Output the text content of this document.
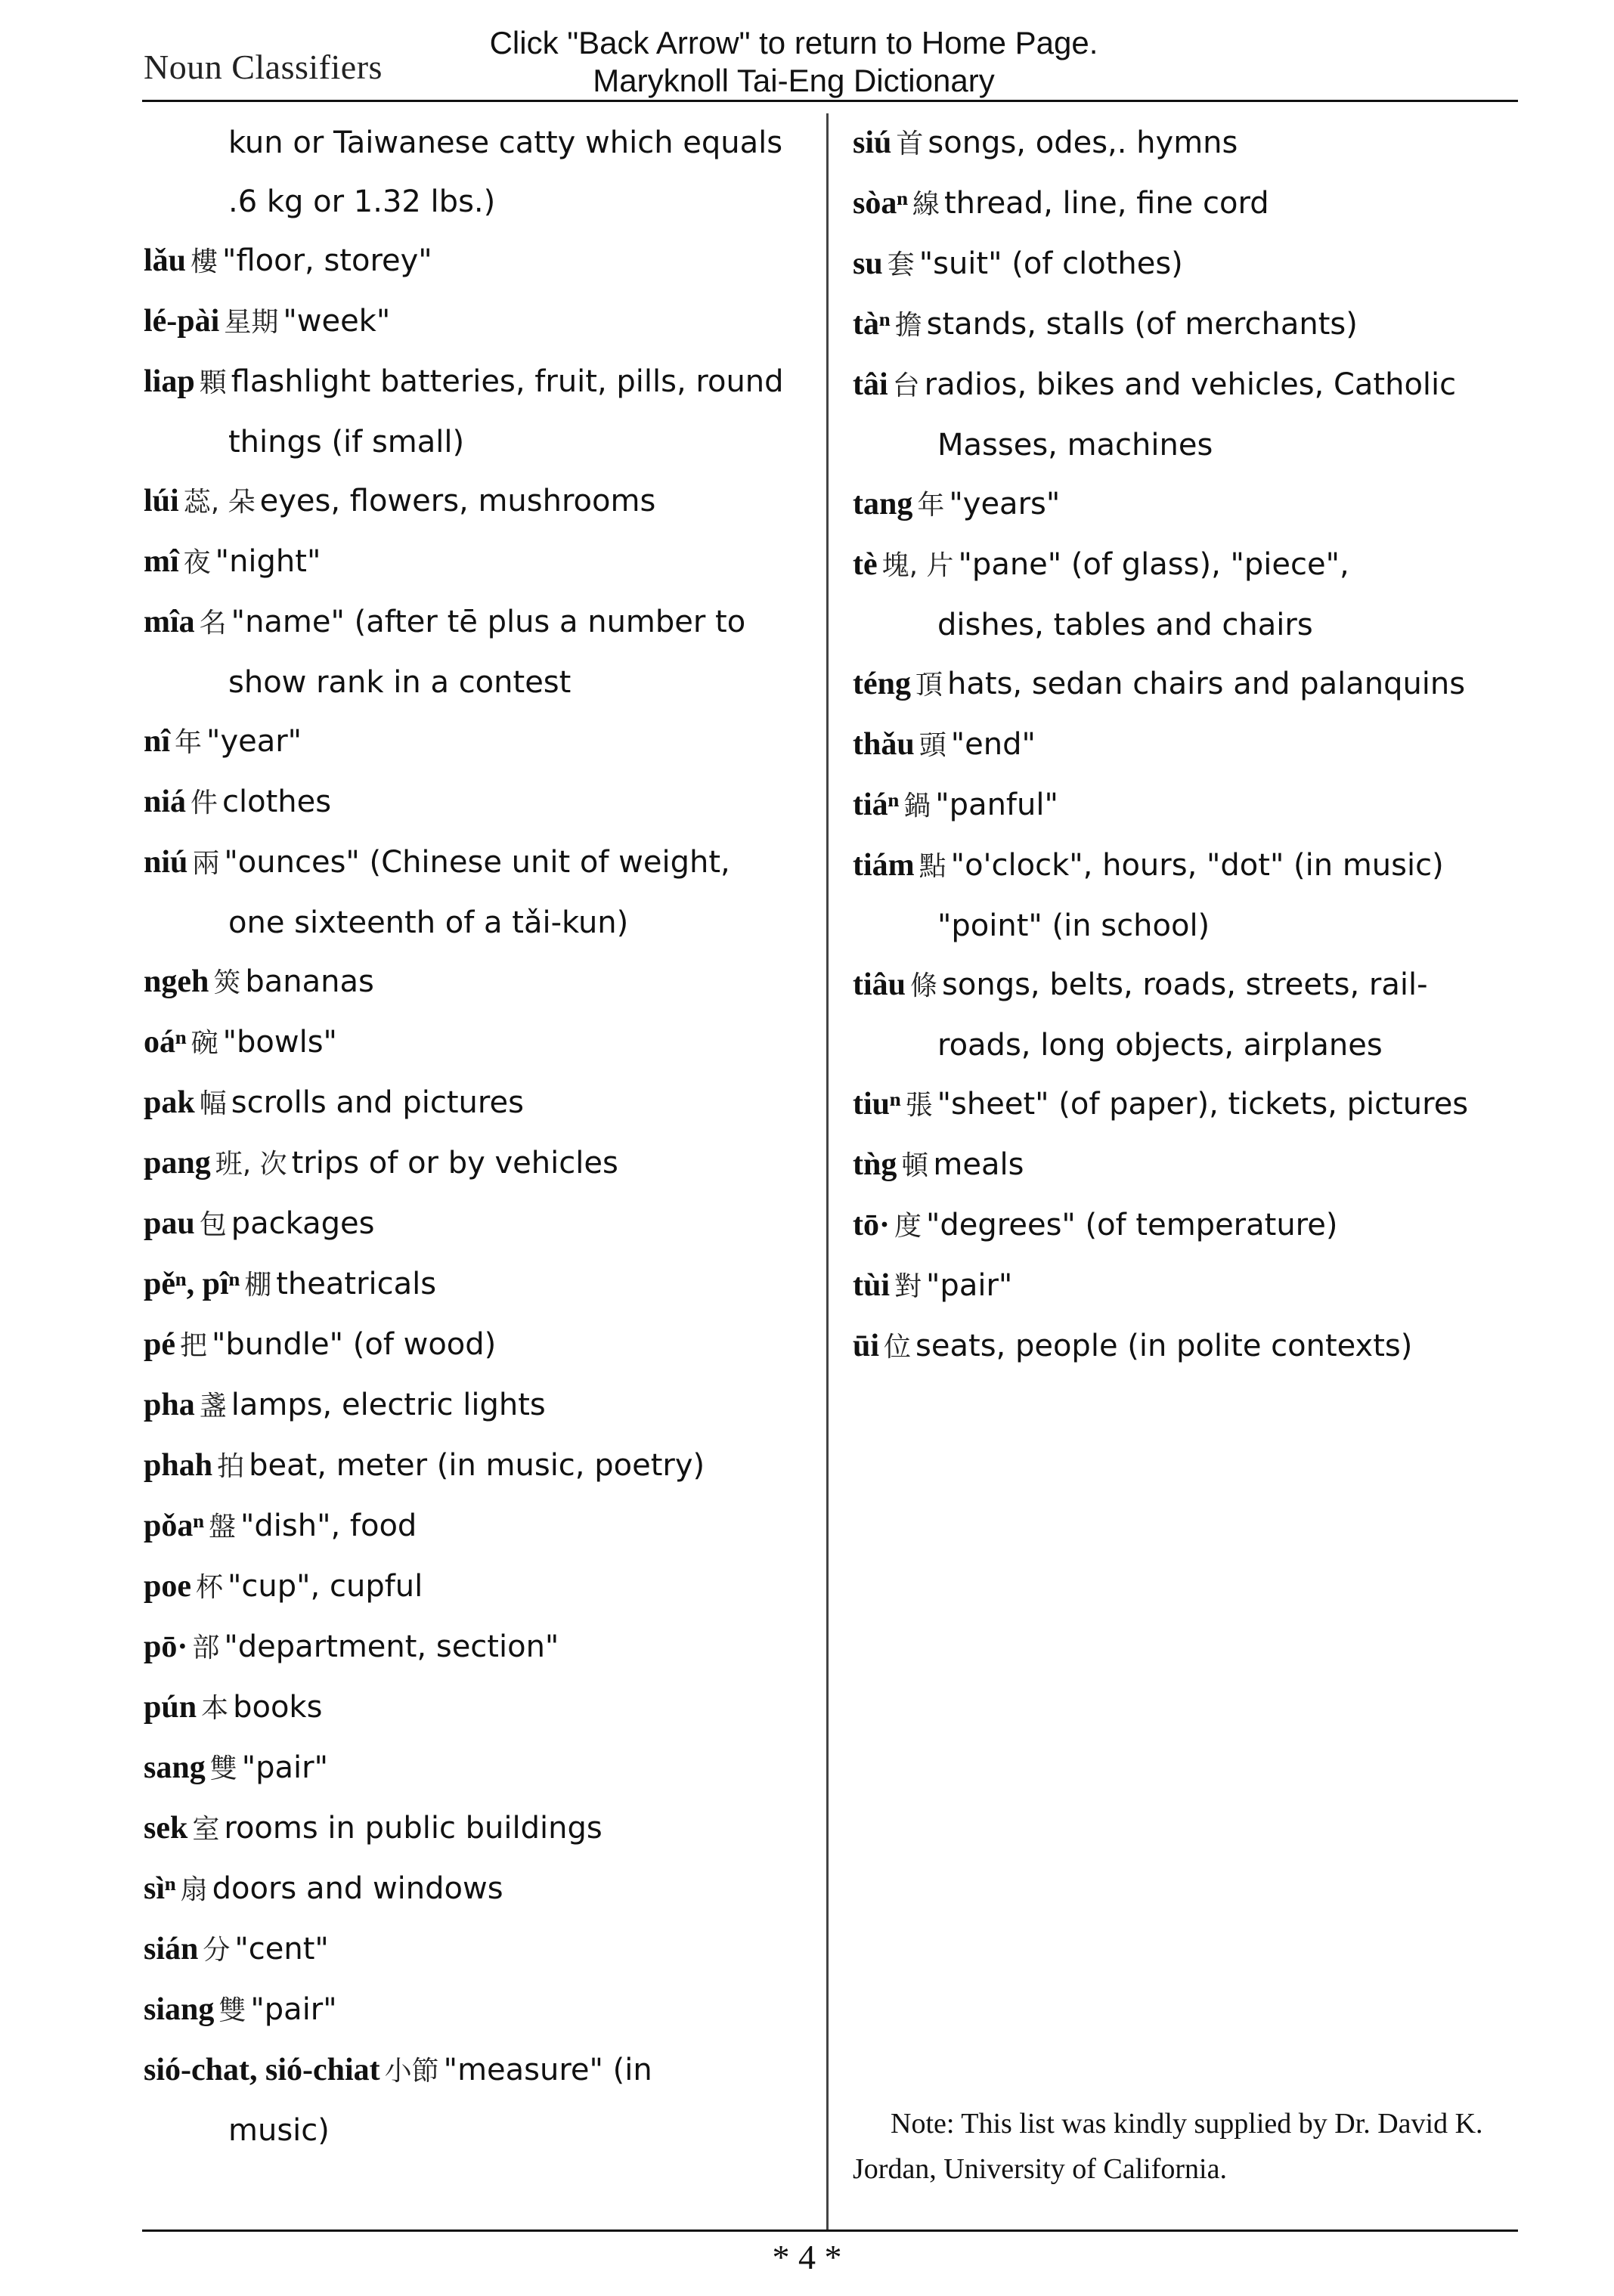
Noun Classifiers
Click "Back Arrow" to return to Home Page.
Maryknoll Tai-Eng Dictionary

kun or Taiwanese catty which equals

.6 kg or 1.32 lbs.)

lǎu 樓 "floor, storey"

lé-pài 星期 "week"

liap 顆 flashlight batteries, fruit, pills, round

things (if small)

lúi 蕊, 朵 eyes, flowers, mushrooms

mî 夜 "night"

mîa 名 "name" (after tē plus a number to

show rank in a contest

nî 年 "year"

niá 件 clothes

niú 兩 "ounces" (Chinese unit of weight,

one sixteenth of a tǎi-kun)

ngeh 筴 bananas

oáⁿ 碗 "bowls"

pak 幅 scrolls and pictures

pang 班, 次 trips of or by vehicles

pau 包 packages

pěⁿ, pîⁿ 棚 theatricals

pé 把 "bundle" (of wood)

pha 盞 lamps, electric lights

phah 拍 beat, meter (in music, poetry)

pǒaⁿ 盤 "dish", food

poe 杯 "cup", cupful

pō· 部 "department, section"

pún 本 books

sang 雙 "pair"

sek 室 rooms in public buildings

sìⁿ 扇 doors and windows

sián 分 "cent"

siang 雙 "pair"

sió-chat, sió-chiat 小節 "measure" (in

music)

siú 首 songs, odes,. hymns

sòaⁿ 線 thread, line, fine cord

su 套 "suit" (of clothes)

tàⁿ 擔 stands, stalls (of merchants)

tâi 台 radios, bikes and vehicles, Catholic

Masses, machines

tang 年 "years"

tè 塊, 片 "pane" (of glass), "piece",

dishes, tables and chairs

téng 頂 hats, sedan chairs and palanquins

thǎu 頭 "end"

tiáⁿ 鍋 "panful"

tiám 點 "o'clock", hours, "dot" (in music)

"point" (in school)

tiâu 條 songs, belts, roads, streets, rail-

roads, long objects, airplanes

tiuⁿ 張 "sheet" (of paper), tickets, pictures

tǹg 頓 meals

tō· 度 "degrees" (of temperature)

tùi 對 "pair"

ūi 位 seats, people (in polite contexts)

Note: This list was kindly supplied by Dr. David K. Jordan, University of California.
* 4 *
